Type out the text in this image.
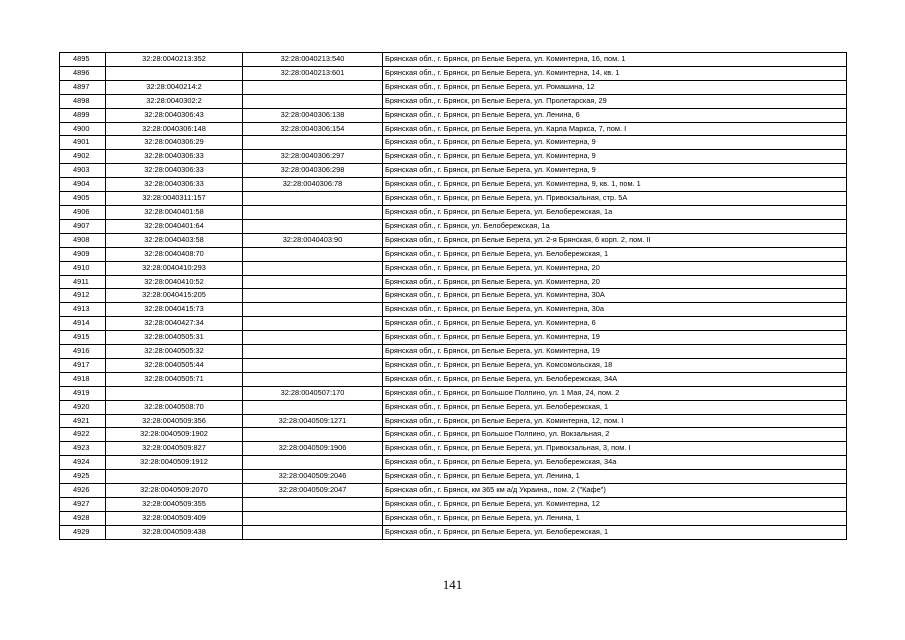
4895	32:28:0040213:352	32:28:0040213:540	Брянская обл., г. Брянск, рп Белые Берега, ул. Коминтерна, 16, пом. 1
4896		32:28:0040213:601	Брянская обл., г. Брянск, рп Белые Берега, ул. Коминтерна, 14, кв. 1
4897	32:28:0040214:2		Брянская обл., г. Брянск, рп Белые Берега, ул. Ромашина, 12
4898	32:28:0040302:2		Брянская обл., г. Брянск, рп Белые Берега, ул. Пролетарская, 29
4899	32:28:0040306:43	32:28:0040306:138	Брянская обл., г. Брянск, рп Белые Берега, ул. Ленина, 6
4900	32:28:0040306:148	32:28:0040306:154	Брянская обл., г. Брянск, рп Белые Берега, ул. Карла Маркса, 7, пом. I
4901	32:28:0040306:29		Брянская обл., г. Брянск, рп Белые Берега, ул. Коминтерна, 9
4902	32:28:0040306:33	32:28:0040306:297	Брянская обл., г. Брянск, рп Белые Берега, ул. Коминтерна, 9
4903	32:28:0040306:33	32:28:0040306:298	Брянская обл., г. Брянск, рп Белые Берега, ул. Коминтерна, 9
4904	32:28:0040306:33	32:28:0040306:78	Брянская обл., г. Брянск, рп Белые Берега, ул. Коминтерна, 9, кв. 1, пом. 1
4905	32:28:0040311:157		Брянская обл., г. Брянск, рп Белые Берега, ул. Привокзальная, стр. 5А
4906	32:28:0040401:58		Брянская обл., г. Брянск, рп Белые Берега, ул. Белобережская, 1а
4907	32:28:0040401:64		Брянская обл., г. Брянск, ул. Белобережская, 1а
4908	32:28:0040403:58	32:28:0040403:90	Брянская обл., г. Брянск, рп Белые Берега, ул. 2-я Брянская, 6 корп. 2, пом. II
4909	32:28:0040408:70		Брянская обл., г. Брянск, рп Белые Берега, ул. Белобережская, 1
4910	32:28:0040410:293		Брянская обл., г. Брянск, рп Белые Берега, ул. Коминтерна, 20
4911	32:28:0040410:52		Брянская обл., г. Брянск, рп Белые Берега, ул. Коминтерна, 20
4912	32:28:0040415:205		Брянская обл., г. Брянск, рп Белые Берега, ул. Коминтерна, 30А
4913	32:28:0040415:73		Брянская обл., г. Брянск, рп Белые Берега, ул. Коминтерна, 30а
4914	32:28:0040427:34		Брянская обл., г. Брянск, рп Белые Берега, ул. Коминтерна, 6
4915	32:28:0040505:31		Брянская обл., г. Брянск, рп Белые Берега, ул. Коминтерна, 19
4916	32:28:0040505:32		Брянская обл., г. Брянск, рп Белые Берега, ул. Коминтерна, 19
4917	32:28:0040505:44		Брянская обл., г. Брянск, рп Белые Берега, ул. Комсомольская, 18
4918	32:28:0040505:71		Брянская обл., г. Брянск, рп Белые Берега, ул. Белобережская, 34А
4919		32:28:0040507:170	Брянская обл., г. Брянск, рп Большое Полпино, ул. 1 Мая, 24, пом. 2
4920	32:28:0040508:70		Брянская обл., г. Брянск, рп Белые Берега, ул. Белобережская, 1
4921	32:28:0040509:356	32:28:0040509:1271	Брянская обл., г. Брянск, рп Белые Берега, ул. Коминтерна, 12, пом. I
4922	32:28:0040509:1902		Брянская обл., г. Брянск, рп Большое Полпино, ул. Вокзальная, 2
4923	32:28:0040509:827	32:28:0040509:1906	Брянская обл., г. Брянск, рп Белые Берега, ул. Привокзальная, 3, пом. I
4924	32:28:0040509:1912		Брянская обл., г. Брянск, рп Белые Берега, ул. Белобережская, 34а
4925		32:28:0040509:2046	Брянская обл., г. Брянск, рп Белые Берега, ул. Ленина, 1
4926	32:28:0040509:2070	32:28:0040509:2047	Брянская обл., г. Брянск, км 365 км а/д Украина,, пом. 2 ("Кафе")
4927	32:28:0040509:355		Брянская обл., г. Брянск, рп Белые Берега, ул. Коминтерна, 12
4928	32:28:0040509:409		Брянская обл., г. Брянск, рп Белые Берега, ул. Ленина, 1
4929	32:28:0040509:438		Брянская обл., г. Брянск, рп Белые Берега, ул. Белобережская, 1
141
